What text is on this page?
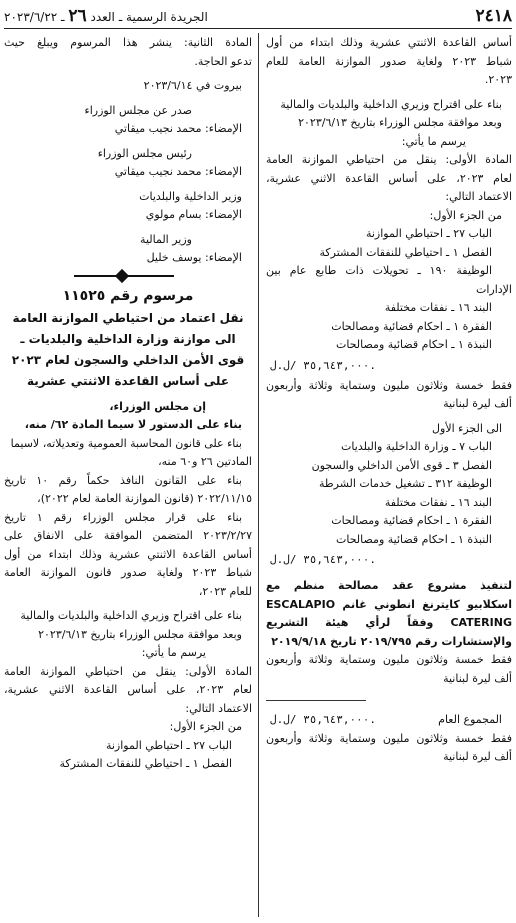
٢٤١٨
الجريدة الرسمية ـ العدد ٢٦ ـ ٢٠٢٣/٦/٢٢
أساس القاعدة الاثنتي عشرية وذلك ابتداء من أول
شباط ٢٠٢٣ ولغاية صدور الموازنة العامة للعام
٢٠٢٣.
بناء على اقتراح وزيري الداخلية والبلديات والمالية
وبعد موافقة مجلس الوزراء بتاريخ ٢٠٢٣/٦/١٣
يرسم ما يأتي:
المادة الأولى: ينقل من احتياطي الموازنة العامة
لعام ٢٠٢٣، على أساس القاعدة الاثني عشرية،
الاعتماد التالي:
من الجزء الأول:
الباب ٢٧ ـ احتياطي الموازنة
الفصل ١ ـ احتياطي للنفقات المشتركة
الوظيفة ١٩٠ ـ تحويلات ذات طابع عام بين
الإدارات
البند ١٦ ـ نفقات مختلفة
الفقرة ١ ـ احكام قضائية ومصالحات
النبذة ١ ـ احكام قضائية ومصالحات
٣٥,٦٤٣,٠٠٠ /ل.ل.
فقط خمسة وثلاثون مليون وستماية وثلاثة وأربعون
ألف ليرة لبنانية
الى الجزء الأول
الباب ٧ ـ وزارة الداخلية والبلديات
الفصل ٣ ـ قوى الأمن الداخلي والسجون
الوظيفة ٣١٢ ـ تشغيل خدمات الشرطة
البند ١٦ ـ نفقات مختلفة
الفقرة ١ ـ احكام قضائية ومصالحات
النبذة ١ ـ احكام قضائية ومصالحات
٣٥,٦٤٣,٠٠٠ /ل.ل.
لتنفيذ مشروع عقد مصالحة منظم مع
اسكلابيو كايترنغ انطوني غانم ESCALAPIO
CATERING وفقاً لرأي هيئة التشريع
والإستشارات رقم ٢٠١٩/٧٩٥ تاريخ ٢٠١٩/٩/١٨
فقط خمسة وثلاثون مليون وستماية وثلاثة وأربعون
ألف ليرة لبنانية
المجموع العام
٣٥,٦٤٣,٠٠٠ /ل.ل.
فقط خمسة وثلاثون مليون وستماية وثلاثة وأربعون
ألف ليرة لبنانية
المادة الثانية: ينشر هذا المرسوم ويبلغ حيث
تدعو الحاجة.
بيروت في ٢٠٢٣/٦/١٤
صدر عن مجلس الوزراء
الإمضاء: محمد نجيب ميقاتي
رئيس مجلس الوزراء
الإمضاء: محمد نجيب ميقاتي
وزير الداخلية والبلديات
الإمضاء: بسام مولوي
وزير المالية
الإمضاء: يوسف خليل
مرسوم رقم ١١٥٢٥
نقل اعتماد من احتياطي الموازنة العامة
الى موازنة وزارة الداخلية والبلديات ـ
قوى الأمن الداخلي والسجون لعام ٢٠٢٣
على أساس القاعدة الاثنتي عشرية
إن مجلس الوزراء،
بناء على الدستور لا سيما المادة ٦٢/ منه،
بناء على قانون المحاسبة العمومية وتعديلاته، لاسيما
المادتين ٢٦ و٦٠ منه،
بناء على القانون النافذ حكماً رقم ١٠ تاريخ
٢٠٢٢/١١/١٥ (قانون الموازنة العامة لعام ٢٠٢٢)،
بناء على قرار مجلس الوزراء رقم ١ تاريخ
٢٠٢٣/٢/٢٧ المتضمن الموافقة على الانفاق على
أساس القاعدة الاثنتي عشرية وذلك ابتداء من أول
شباط ٢٠٢٣ ولغاية صدور قانون الموازنة العامة
للعام ٢٠٢٣،
بناء على اقتراح وزيري الداخلية والبلديات والمالية
وبعد موافقة مجلس الوزراء بتاريخ ٢٠٢٣/٦/١٣
يرسم ما يأتي:
المادة الأولى: ينقل من احتياطي الموازنة العامة
لعام ٢٠٢٣، على أساس القاعدة الاثني عشرية،
الاعتماد التالي:
من الجزء الأول:
الباب ٢٧ ـ احتياطي الموازنة
الفصل ١ ـ احتياطي للنفقات المشتركة
